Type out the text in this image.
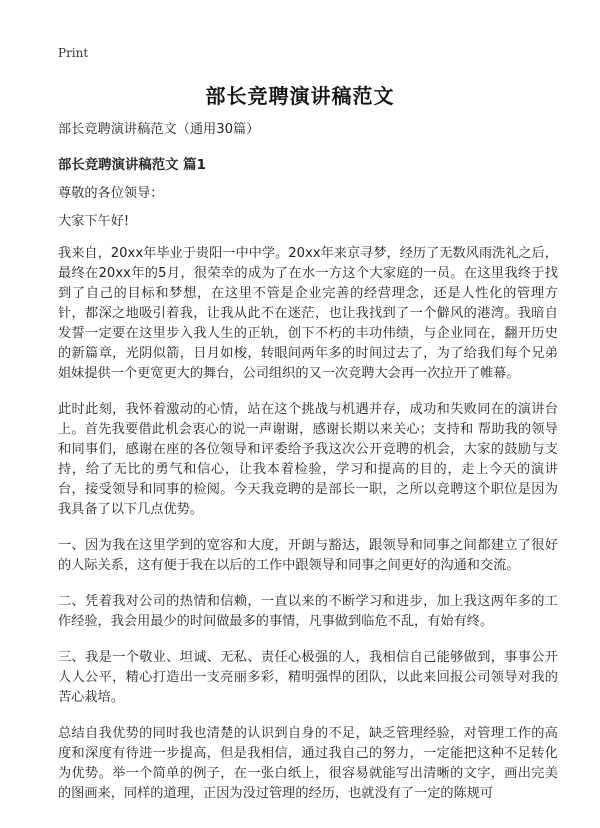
Print
部长竞聘演讲稿范文

部长竞聘演讲稿范文（通用30篇）

部长竞聘演讲稿范文 篇1

尊敬的各位领导：

大家下午好!

我来自，20xx年毕业于贵阳一中中学。20xx年来京寻梦，经历了无数风雨洗礼之后，最终在20xx年的5月，很荣幸的成为了在水一方这个大家庭的一员。在这里我终于找到了自己的目标和梦想，在这里不管是企业完善的经营理念，还是人性化的管理方针，都深之地吸引着我，让我从此不在迷茫，也让我找到了一个僻风的港湾。我暗自发誓一定要在这里步入我人生的正轨，创下不朽的丰功伟绩，与企业同在，翻开历史的新篇章，光阴似箭，日月如梭，转眼间两年多的时间过去了，为了给我们每个兄弟姐妹提供一个更宽更大的舞台，公司组织的又一次竞聘大会再一次拉开了帷幕。

此时此刻，我怀着激动的心情，站在这个挑战与机遇并存，成功和失败同在的演讲台上。首先我要借此机会衷心的说一声谢谢，感谢长期以来关心；支持和 帮助我的领导和同事们，感谢在座的各位领导和评委给予我这次公开竞聘的机会，大家的鼓励与支持，给了无比的勇气和信心，让我本着检验，学习和提高的目的，走上今天的演讲台，接受领导和同事的检阅。今天我竞聘的是部长一职，之所以竞聘这个职位是因为我具备了以下几点优势。

一、因为我在这里学到的宽容和大度，开朗与豁达，跟领导和同事之间都建立了很好的人际关系，这有便于我在以后的工作中跟领导和同事之间更好的沟通和交流。

二、凭着我对公司的热情和信赖，一直以来的不断学习和进步，加上我这两年多的工作经验，我会用最少的时间做最多的事情，凡事做到临危不乱，有始有终。

三、我是一个敬业、坦诚、无私、责任心极强的人，我相信自己能够做到，事事公开 人人公平，精心打造出一支亮丽多彩，精明强悍的团队，以此来回报公司领导对我的苦心栽培。

总结自我优势的同时我也清楚的认识到自身的不足，缺乏管理经验，对管理工作的高度和深度有待进一步提高，但是我相信，通过我自己的努力，一定能把这种不足转化为优势。举一个简单的例子，在一张白纸上，很容易就能写出清晰的文字，画出完美的图画来，同样的道理，正因为没过管理的经历，也就没有了一定的陈规可
